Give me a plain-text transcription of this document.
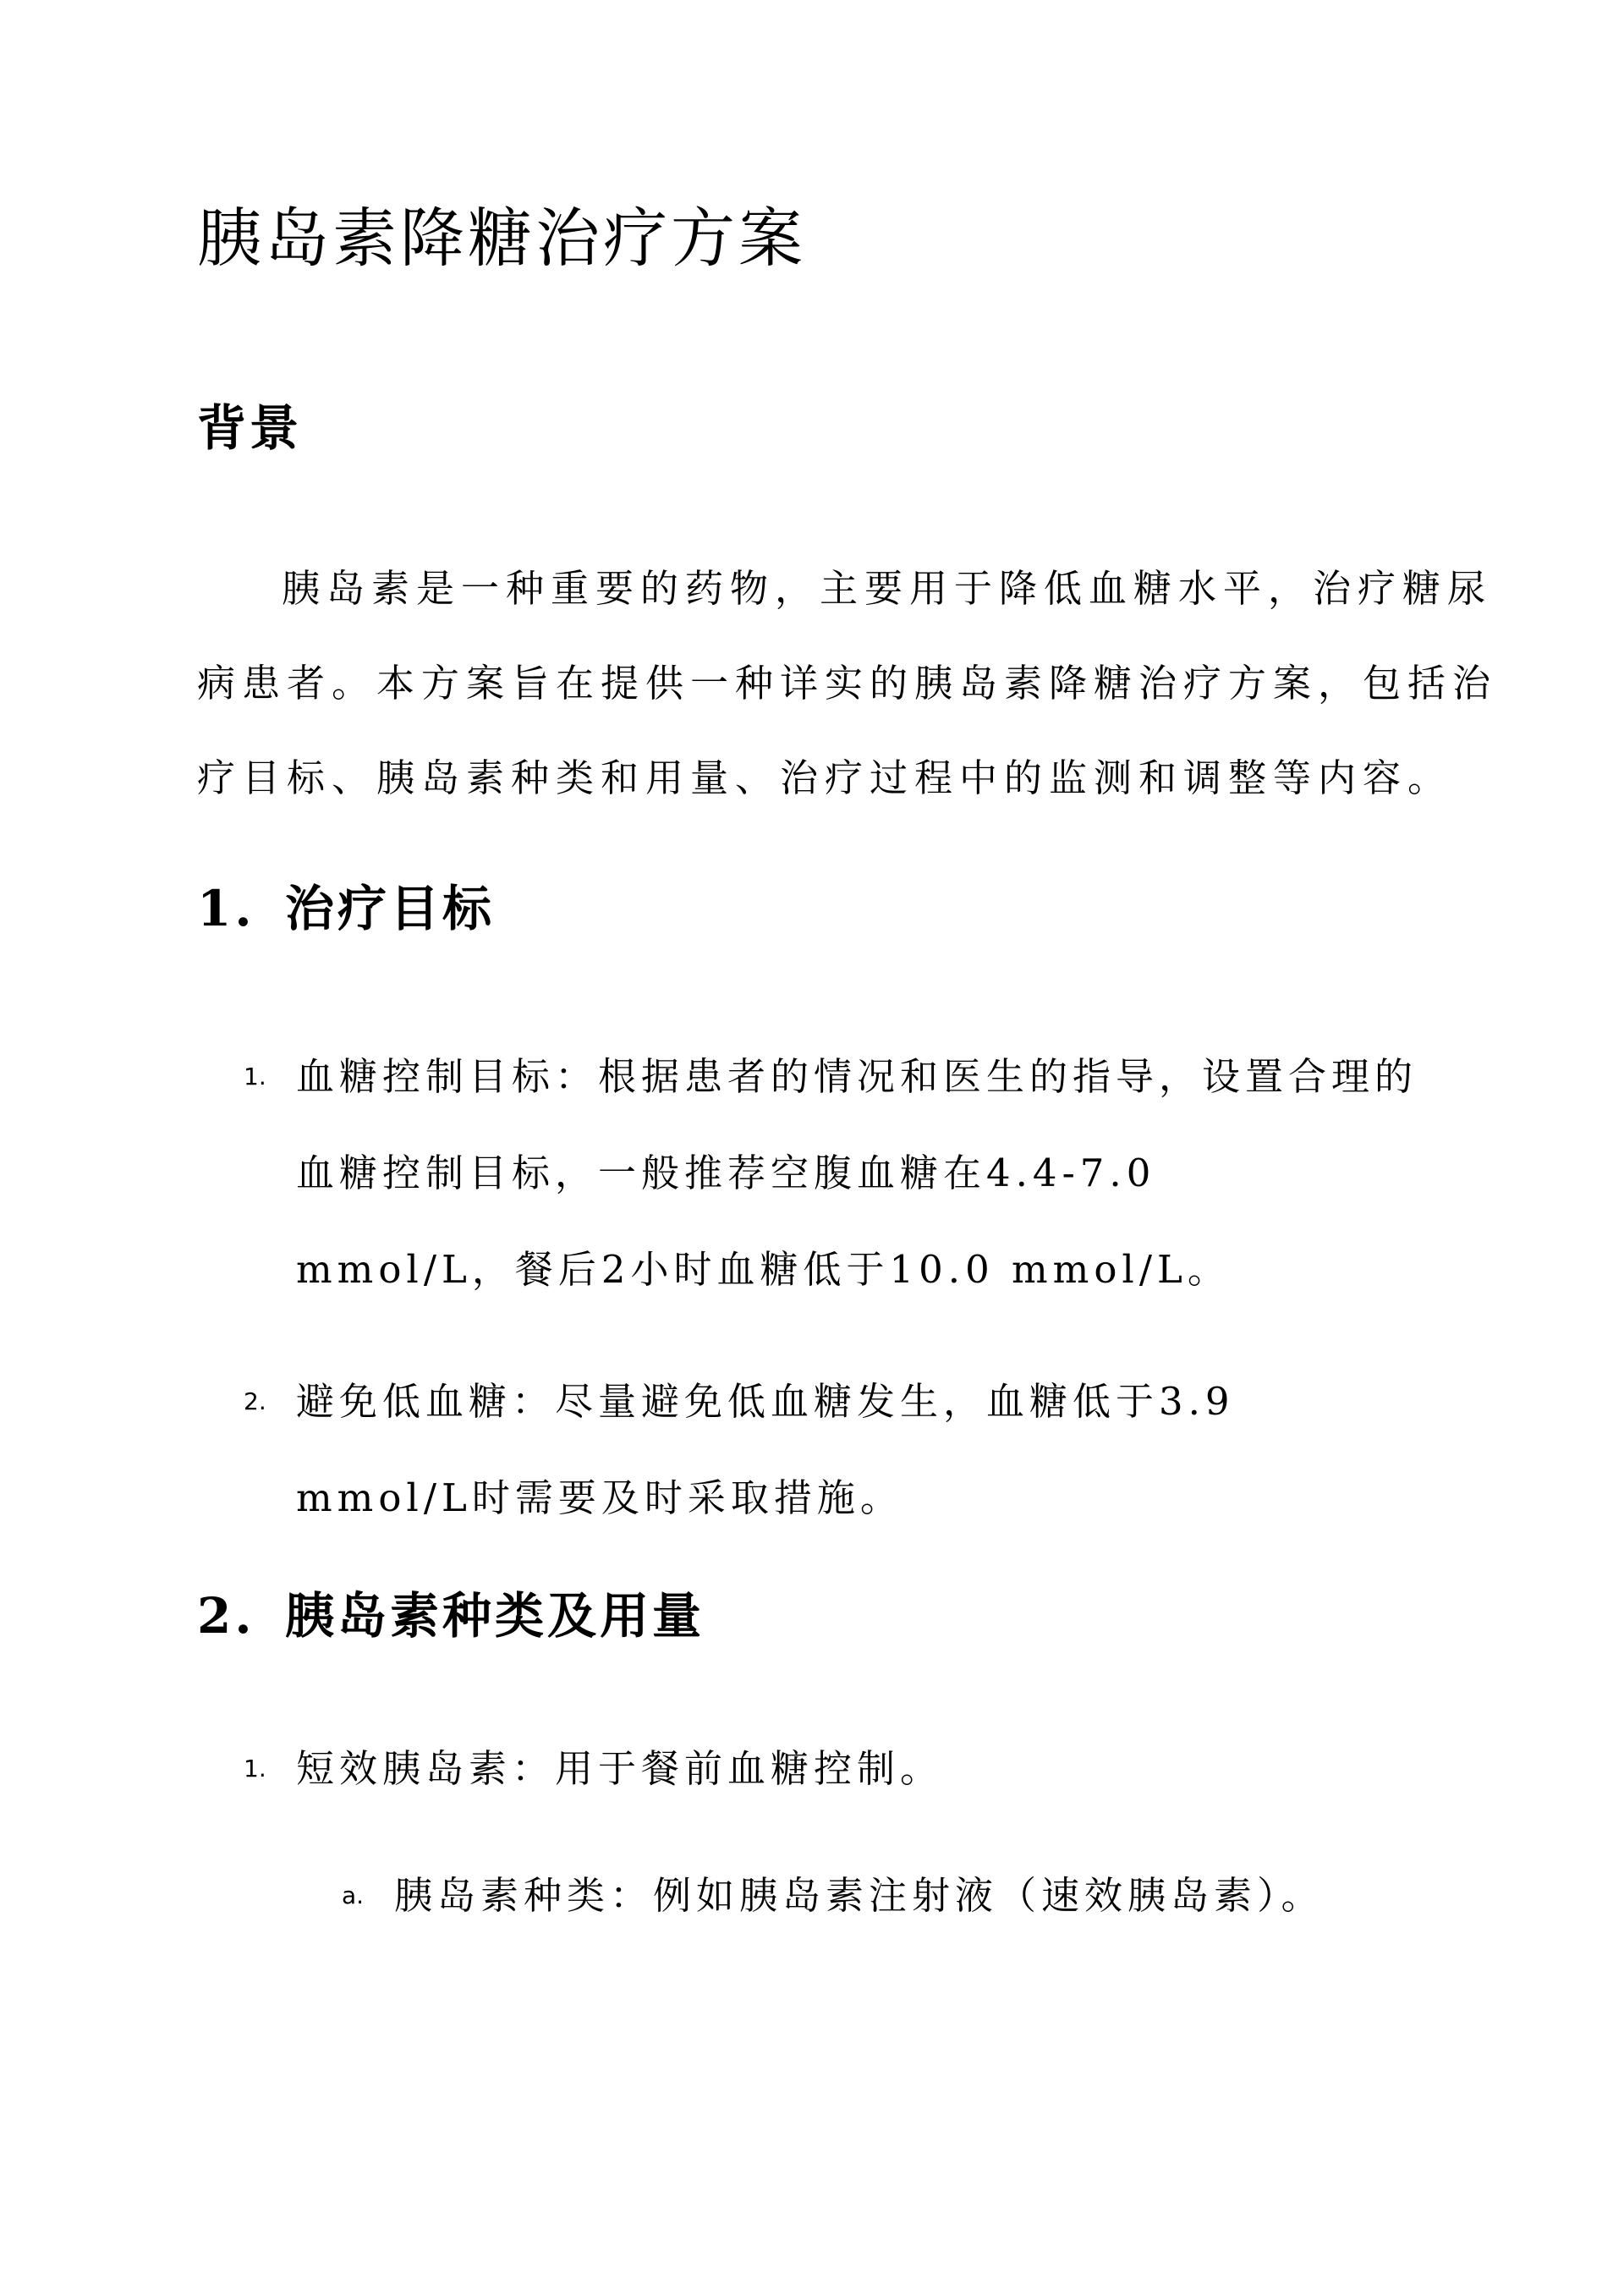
胰岛素降糖治疗方案
背景

胰岛素是一种重要的药物，主要用于降低血糖水平，治疗糖尿
病患者。本方案旨在提供一种详实的胰岛素降糖治疗方案，包括治
疗目标、胰岛素种类和用量、治疗过程中的监测和调整等内容。

1. 治疗目标
1. 血糖控制目标：根据患者的情况和医生的指导，设置合理的
血糖控制目标，一般推荐空腹血糖在4.4-7.0
mmol/L，餐后2小时血糖低于10.0 mmol/L。
2. 避免低血糖：尽量避免低血糖发生，血糖低于3.9
mmol/L时需要及时采取措施。
2. 胰岛素种类及用量
1. 短效胰岛素：用于餐前血糖控制。
a. 胰岛素种类：例如胰岛素注射液（速效胰岛素）。
